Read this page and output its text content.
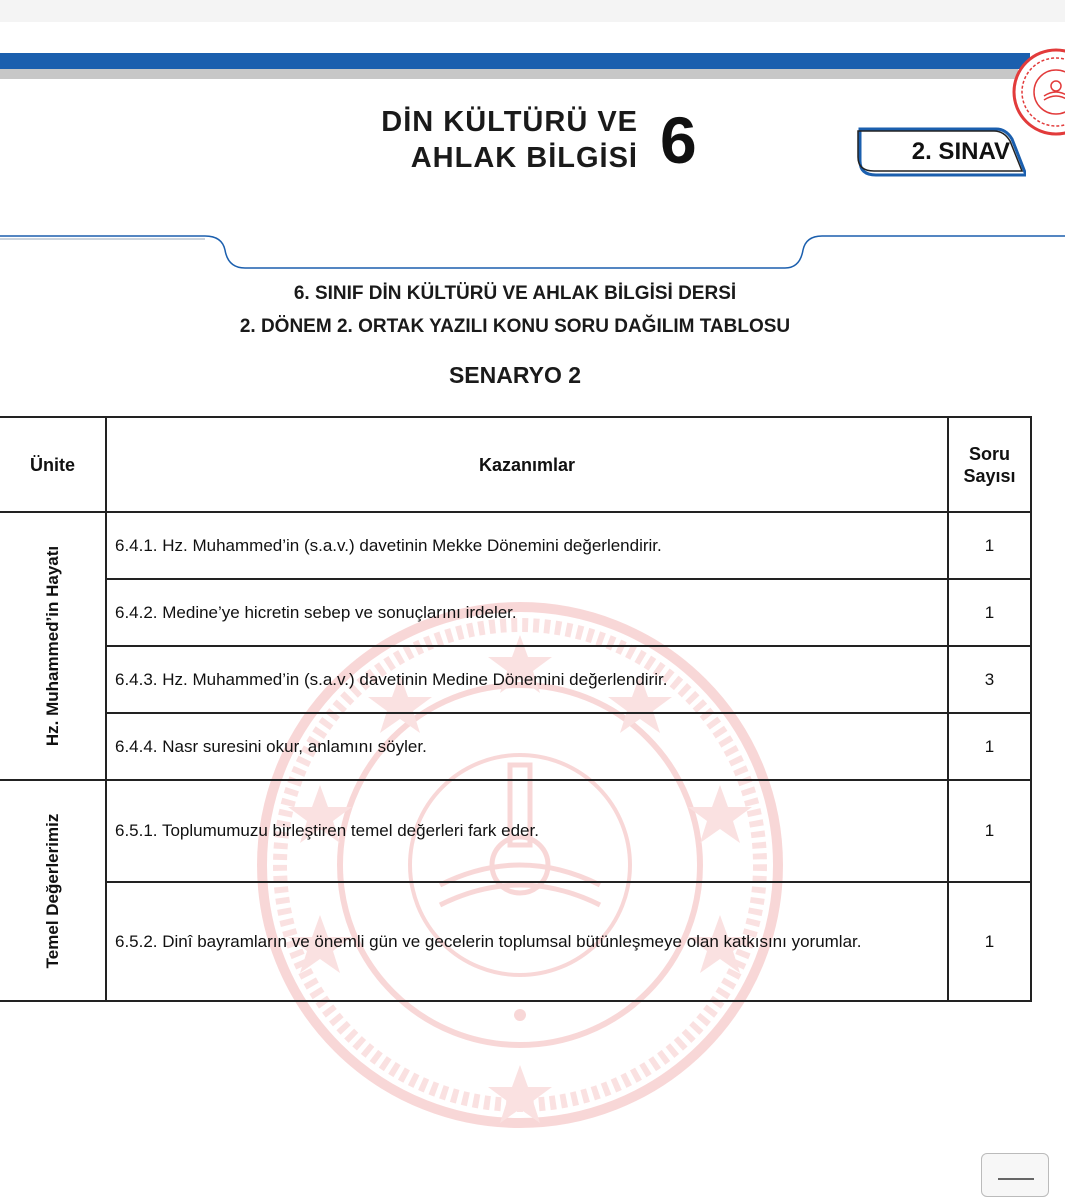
DİN KÜLTÜRÜ VE
AHLAK BİLGİSİ 6	2. SINAV
6. SINIF DİN KÜLTÜRÜ VE AHLAK BİLGİSİ DERSİ
2. DÖNEM 2. ORTAK YAZILI KONU SORU DAĞILIM TABLOSU
SENARYO 2
Ünite	Kazanımlar	Soru
Sayısı

Hz. Muhammed’in Hayatı	6.4.1. Hz. Muhammed’in (s.a.v.) davetinin Mekke Dönemini değerlendirir.	1
	6.4.2. Medine’ye hicretin sebep ve sonuçlarını irdeler.	1
	6.4.3. Hz. Muhammed’in (s.a.v.) davetinin Medine Dönemini değerlendirir.	3
	6.4.4. Nasr suresini okur, anlamını söyler.	1

Temel Değerlerimiz	6.5.1. Toplumumuzu birleştiren temel değerleri fark eder.	1
	6.5.2. Dinî bayramların ve önemli gün ve gecelerin toplumsal bütünleşmeye olan katkısını yorumlar.	1
